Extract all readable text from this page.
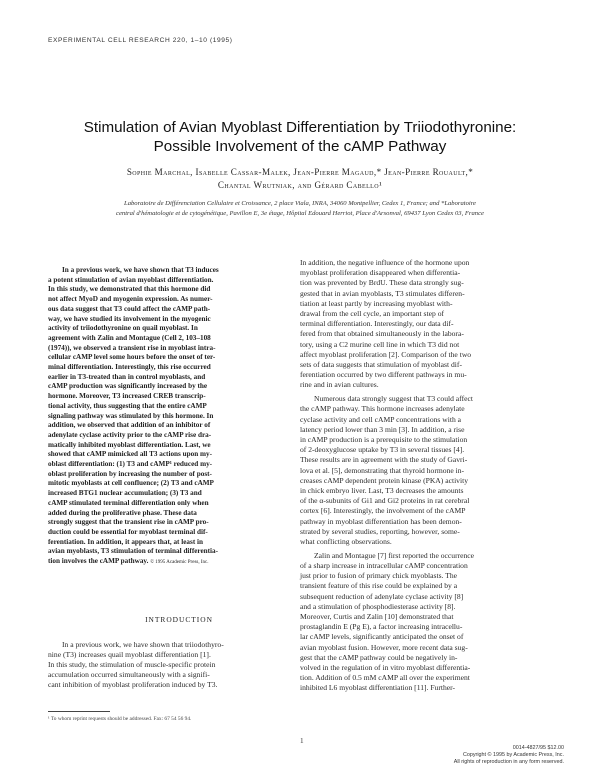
EXPERIMENTAL CELL RESEARCH 220, 1–10 (1995)
Stimulation of Avian Myoblast Differentiation by Triiodothyronine:
Possible Involvement of the cAMP Pathway
Sophie Marchal, Isabelle Cassar-Malek, Jean-Pierre Magaud,* Jean-Pierre Rouault,*
Chantal Wrutniak, and Gérard Cabello¹
Laboratoire de Différenciation Cellulaire et Croissance, 2 place Viala, INRA, 34060 Montpellier, Cedex 1, France; and *Laboratoire
central d'hématologie et de cytogénétique, Pavillon E, 3e étage, Hôpital Edouard Herriot, Place d'Arsonval, 69437 Lyon Cedex 03, France
In a previous work, we have shown that T3 induces
a potent stimulation of avian myoblast differentiation.
In this study, we demonstrated that this hormone did
not affect MyoD and myogenin expression. As numer-
ous data suggest that T3 could affect the cAMP path-
way, we have studied its involvement in the myogenic
activity of triiodothyronine on quail myoblast. In
agreement with Zalin and Montague (Cell 2, 103–108
(1974)), we observed a transient rise in myoblast intra-
cellular cAMP level some hours before the onset of ter-
minal differentiation. Interestingly, this rise occurred
earlier in T3-treated than in control myoblasts, and
cAMP production was significantly increased by the
hormone. Moreover, T3 increased CREB transcrip-
tional activity, thus suggesting that the entire cAMP
signaling pathway was stimulated by this hormone. In
addition, we observed that addition of an inhibitor of
adenylate cyclase activity prior to the cAMP rise dra-
matically inhibited myoblast differentiation. Last, we
showed that cAMP mimicked all T3 actions upon my-
oblast differentiation: (1) T3 and cAMP¹ reduced my-
oblast proliferation by increasing the number of post-
mitotic myoblasts at cell confluence; (2) T3 and cAMP
increased BTG1 nuclear accumulation; (3) T3 and
cAMP stimulated terminal differentiation only when
added during the proliferative phase. These data
strongly suggest that the transient rise in cAMP pro-
duction could be essential for myoblast terminal dif-
ferentiation. In addition, it appears that, at least in
avian myoblasts, T3 stimulation of terminal differentia-
tion involves the cAMP pathway. © 1995 Academic Press, Inc.
INTRODUCTION
In a previous work, we have shown that triiodothyro-
nine (T3) increases quail myoblast differentiation [1].
In this study, the stimulation of muscle-specific protein
accumulation occurred simultaneously with a signifi-
cant inhibition of myoblast proliferation induced by T3.
¹ To whom reprint requests should be addressed. Fax: 67 54 56 94.
In addition, the negative influence of the hormone upon
myoblast proliferation disappeared when differentia-
tion was prevented by BrdU. These data strongly sug-
gested that in avian myoblasts, T3 stimulates differen-
tiation at least partly by increasing myoblast with-
drawal from the cell cycle, an important step of
terminal differentiation. Interestingly, our data dif-
fered from that obtained simultaneously in the labora-
tory, using a C2 murine cell line in which T3 did not
affect myoblast proliferation [2]. Comparison of the two
sets of data suggests that stimulation of myoblast dif-
ferentiation occurred by two different pathways in mu-
rine and in avian cultures.
Numerous data strongly suggest that T3 could affect
the cAMP pathway. This hormone increases adenylate
cyclase activity and cell cAMP concentrations with a
latency period lower than 3 min [3]. In addition, a rise
in cAMP production is a prerequisite to the stimulation
of 2-deoxyglucose uptake by T3 in several tissues [4].
These results are in agreement with the study of Gavri-
lova et al. [5], demonstrating that thyroid hormone in-
creases cAMP dependent protein kinase (PKA) activity
in chick embryo liver. Last, T3 decreases the amounts
of the α-subunits of Gi1 and Gi2 proteins in rat cerebral
cortex [6]. Interestingly, the involvement of the cAMP
pathway in myoblast differentiation has been demon-
strated by several studies, reporting, however, some-
what conflicting observations.
Zalin and Montague [7] first reported the occurrence
of a sharp increase in intracellular cAMP concentration
just prior to fusion of primary chick myoblasts. The
transient feature of this rise could be explained by a
subsequent reduction of adenylate cyclase activity [8]
and a stimulation of phosphodiesterase activity [8].
Moreover, Curtis and Zalin [10] demonstrated that
prostaglandin E (Pg E), a factor increasing intracellu-
lar cAMP levels, significantly anticipated the onset of
avian myoblast fusion. However, more recent data sug-
gest that the cAMP pathway could be negatively in-
volved in the regulation of in vitro myoblast differentia-
tion. Addition of 0.5 mM cAMP all over the experiment
inhibited L6 myoblast differentiation [11]. Further-
1
0014-4827/95 $12.00
Copyright © 1995 by Academic Press, Inc.
All rights of reproduction in any form reserved.
